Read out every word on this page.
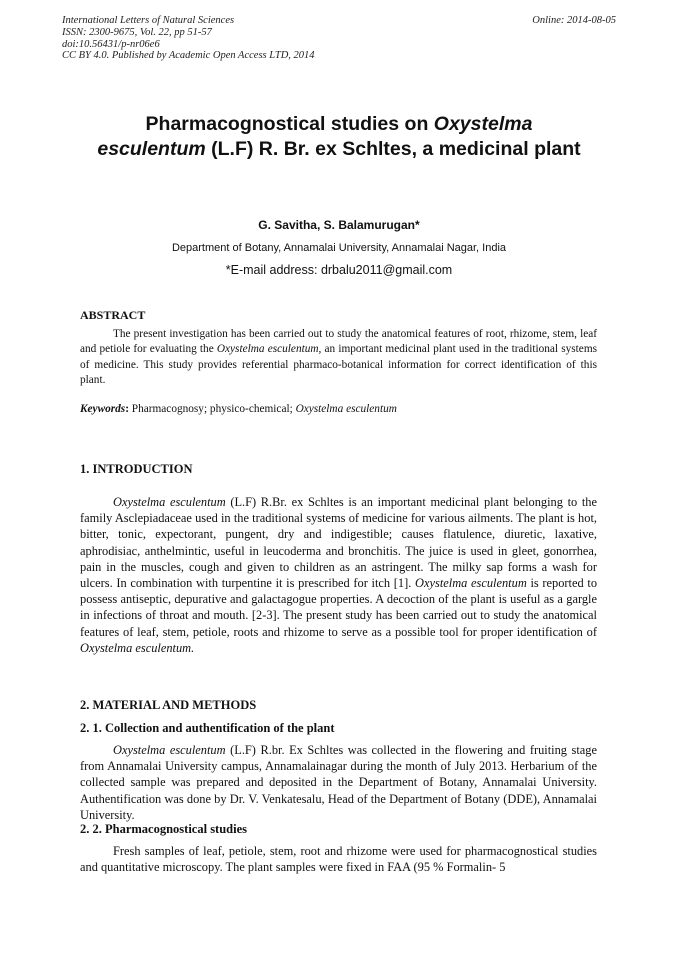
International Letters of Natural Sciences
ISSN: 2300-9675, Vol. 22, pp 51-57
doi:10.56431/p-nr06e6
CC BY 4.0. Published by Academic Open Access LTD, 2014
Online: 2014-08-05
Pharmacognostical studies on Oxystelma
esculentum (L.F) R. Br. ex Schltes, a medicinal plant
G. Savitha, S. Balamurugan*
Department of Botany, Annamalai University, Annamalai Nagar, India
*E-mail address: drbalu2011@gmail.com
ABSTRACT
The present investigation has been carried out to study the anatomical features of root, rhizome, stem, leaf and petiole for evaluating the Oxystelma esculentum, an important medicinal plant used in the traditional systems of medicine. This study provides referential pharmaco-botanical information for correct identification of this plant.
Keywords: Pharmacognosy; physico-chemical; Oxystelma esculentum
1. INTRODUCTION
Oxystelma esculentum (L.F) R.Br. ex Schltes is an important medicinal plant belonging to the family Asclepiadaceae used in the traditional systems of medicine for various ailments. The plant is hot, bitter, tonic, expectorant, pungent, dry and indigestible; causes flatulence, diuretic, laxative, aphrodisiac, anthelmintic, useful in leucoderma and bronchitis. The juice is used in gleet, gonorrhea, pain in the muscles, cough and given to children as an astringent. The milky sap forms a wash for ulcers. In combination with turpentine it is prescribed for itch [1]. Oxystelma esculentum is reported to possess antiseptic, depurative and galactagogue properties. A decoction of the plant is useful as a gargle in infections of throat and mouth. [2-3]. The present study has been carried out to study the anatomical features of leaf, stem, petiole, roots and rhizome to serve as a possible tool for proper identification of Oxystelma esculentum.
2. MATERIAL AND METHODS
2. 1. Collection and authentification of the plant
Oxystelma esculentum (L.F) R.br. Ex Schltes was collected in the flowering and fruiting stage from Annamalai University campus, Annamalainagar during the month of July 2013. Herbarium of the collected sample was prepared and deposited in the Department of Botany, Annamalai University. Authentification was done by Dr. V. Venkatesalu, Head of the Department of Botany (DDE), Annamalai University.
2. 2. Pharmacognostical studies
Fresh samples of leaf, petiole, stem, root and rhizome were used for pharmacognostical studies and quantitative microscopy. The plant samples were fixed in FAA (95 % Formalin- 5
